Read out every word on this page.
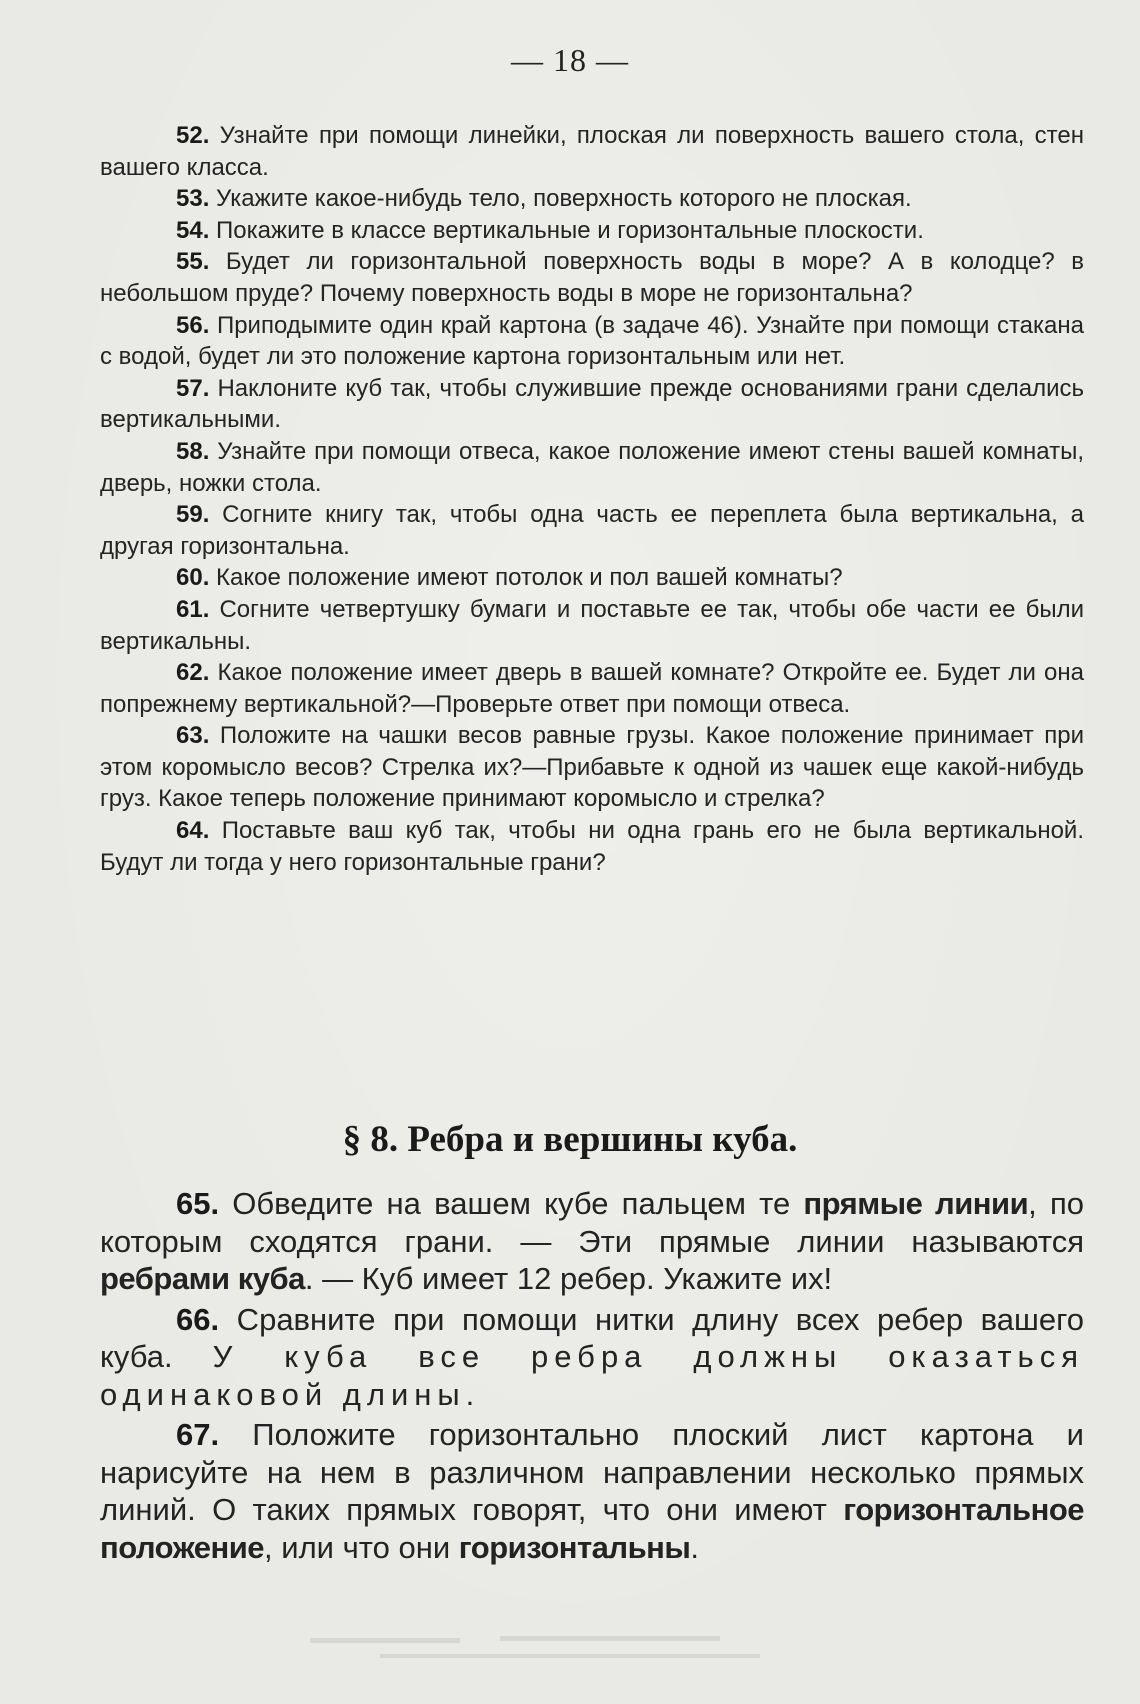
— 18 —

52. Узнайте при помощи линейки, плоская ли поверхность вашего стола, стен вашего класса.

53. Укажите какое-нибудь тело, поверхность которого не плоская.

54. Покажите в классе вертикальные и горизонтальные плоскости.

55. Будет ли горизонтальной поверхность воды в море? А в колодце? в небольшом пруде? Почему поверхность воды в море не горизонтальна?

56. Приподымите один край картона (в задаче 46). Узнайте при помощи стакана с водой, будет ли это положение картона горизонтальным или нет.

57. Наклоните куб так, чтобы служившие прежде основаниями грани сделались вертикальными.

58. Узнайте при помощи отвеса, какое положение имеют стены вашей комнаты, дверь, ножки стола.

59. Согните книгу так, чтобы одна часть ее переплета была вертикальна, а другая горизонтальна.

60. Какое положение имеют потолок и пол вашей комнаты?

61. Согните четвертушку бумаги и поставьте ее так, чтобы обе части ее были вертикальны.

62. Какое положение имеет дверь в вашей комнате? Откройте ее. Будет ли она попрежнему вертикальной?—Проверьте ответ при помощи отвеса.

63. Положите на чашки весов равные грузы. Какое положение принимает при этом коромысло весов? Стрелка их?—Прибавьте к одной из чашек еще какой-нибудь груз. Какое теперь положение принимают коромысло и стрелка?

64. Поставьте ваш куб так, чтобы ни одна грань его не была вертикальной. Будут ли тогда у него горизонтальные грани?

§ 8. Ребра и вершины куба.

65. Обведите на вашем кубе пальцем те прямые линии, по которым сходятся грани. — Эти прямые линии называются ребрами куба. — Куб имеет 12 ребер. Укажите их!

66. Сравните при помощи нитки длину всех ребер вашего куба. У куба все ребра должны оказаться одинаковой длины.

67. Положите горизонтально плоский лист картона и нарисуйте на нем в различном направлении несколько прямых линий. О таких прямых говорят, что они имеют горизонтальное положение, или что они горизонтальны.
